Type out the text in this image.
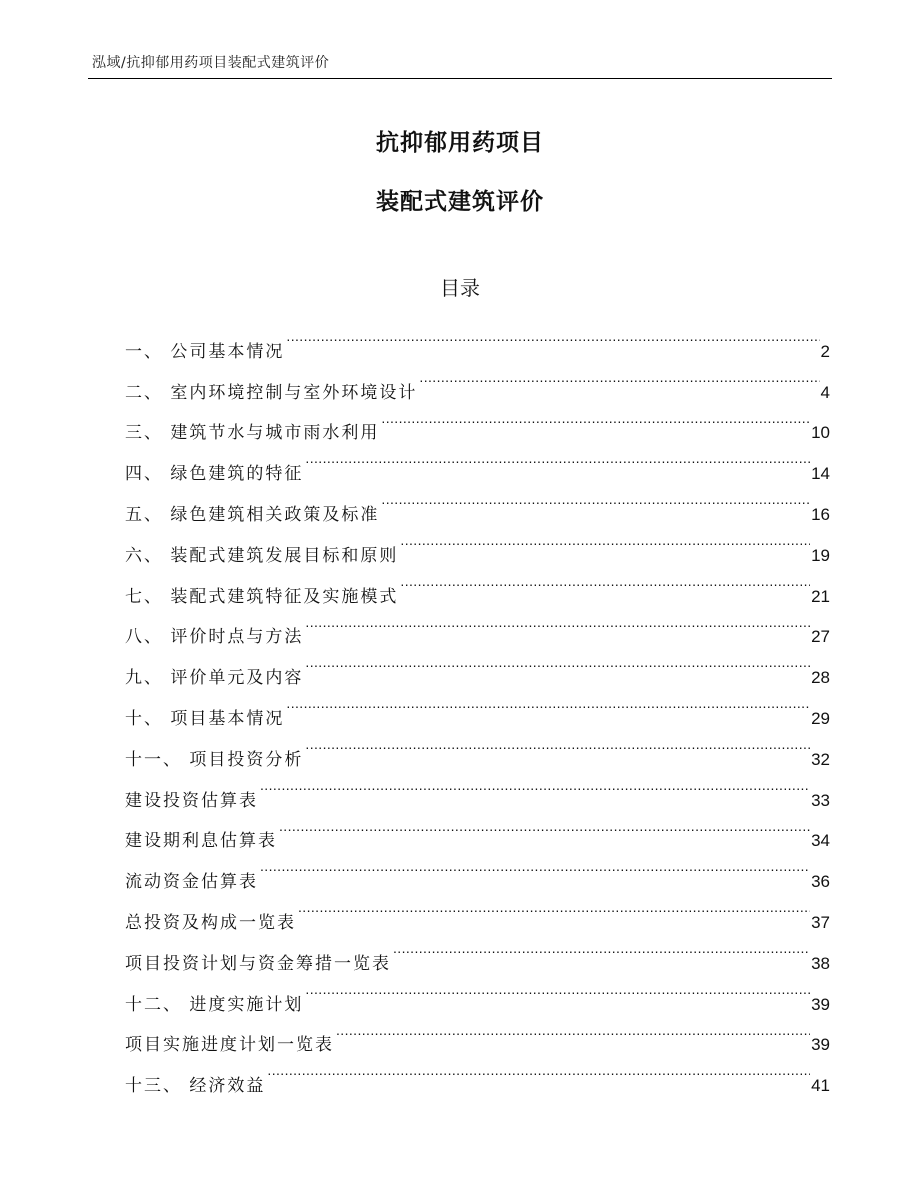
泓域/抗抑郁用药项目装配式建筑评价
抗抑郁用药项目
装配式建筑评价
目录
一、 公司基本情况 .....	2
二、 室内环境控制与室外环境设计 .....	4
三、 建筑节水与城市雨水利用 .....	10
四、 绿色建筑的特征 .....	14
五、 绿色建筑相关政策及标准 .....	16
六、 装配式建筑发展目标和原则 .....	19
七、 装配式建筑特征及实施模式 .....	21
八、 评价时点与方法 .....	27
九、 评价单元及内容 .....	28
十、 项目基本情况 .....	29
十一、 项目投资分析 .....	32
建设投资估算表 .....	33
建设期利息估算表 .....	34
流动资金估算表 .....	36
总投资及构成一览表 .....	37
项目投资计划与资金筹措一览表 .....	38
十二、 进度实施计划 .....	39
项目实施进度计划一览表 .....	39
十三、 经济效益 .....	41
